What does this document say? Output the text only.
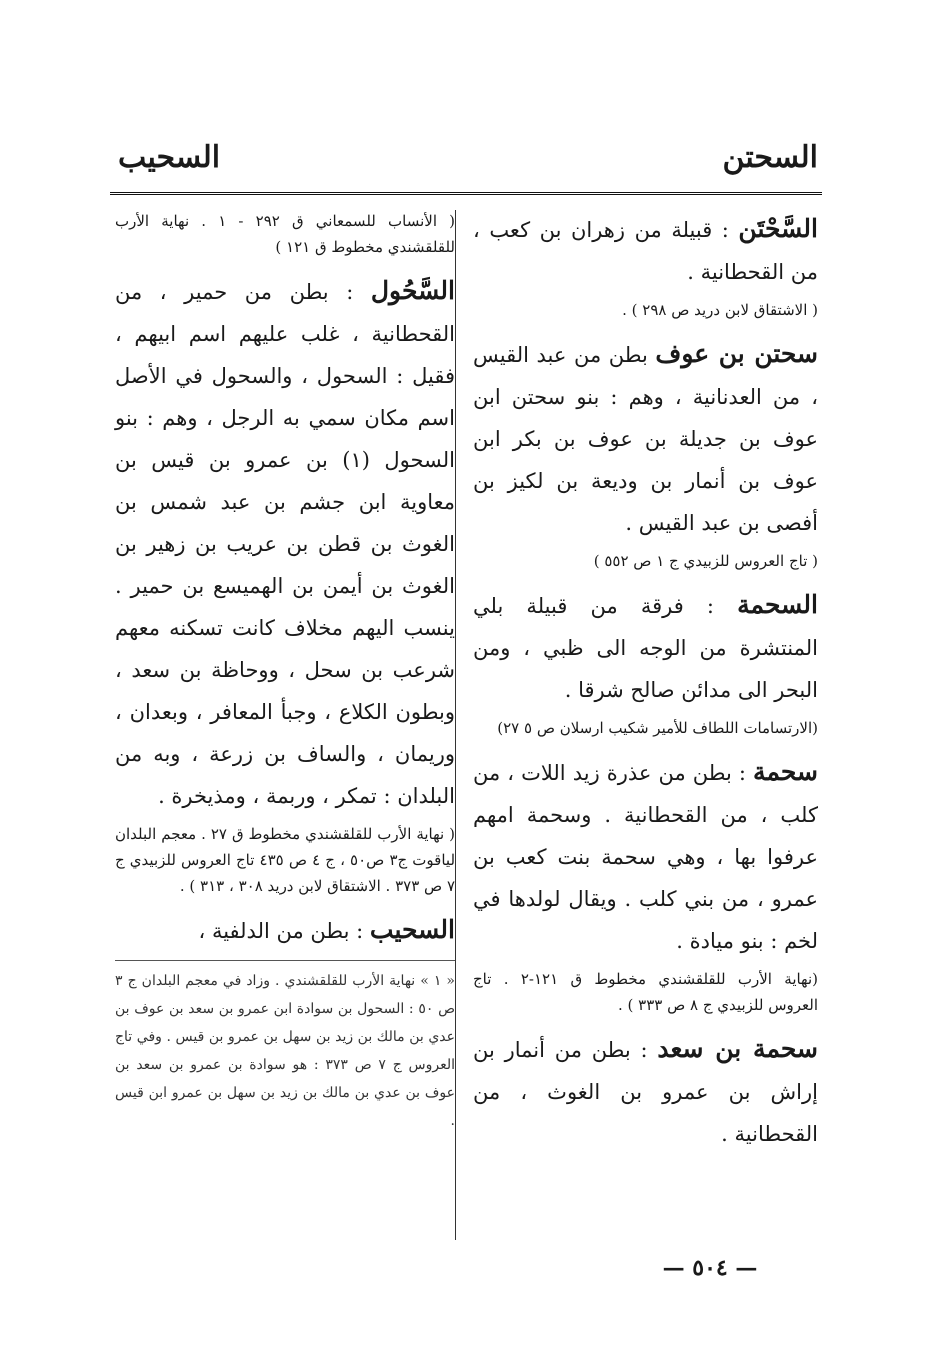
السحتن
السحيب

السَّحْتَن : قبيلة من زهران بن كعب ، من القحطانية .

( الاشتقاق لابن دريد ص ٢٩٨ ) .

سحتن بن عوف بطن من عبد القيس ، من العدنانية ، وهم : بنو سحتن ابن عوف بن جديلة بن عوف بن بكر ابن عوف بن أنمار بن وديعة بن لكيز بن أفصى بن عبد القيس .

( تاج العروس للزبيدي ج ١ ص ٥٥٢ )

السحمة : فرقة من قبيلة بلي المنتشرة من الوجه الى ظبي ، ومن البحر الى مدائن صالح شرقا .

(الارتسامات اللطاف للأمير شكيب ارسلان ص ٥ ٢٧)

سحمة : بطن من عذرة زيد اللات ، من كلب ، من القحطانية . وسحمة امهم عرفوا بها ، وهي سحمة بنت كعب بن عمرو ، من بني كلب . ويقال لولدها في لخم : بنو ميادة .

(نهاية الأرب للقلقشندي مخطوط ق ١٢١-٢ . تاج العروس للزبيدي ج ٨ ص ٣٣٣ ) .

سحمة بن سعد : بطن من أنمار بن إراش بن عمرو بن الغوث ، من القحطانية .

( الأنساب للسمعاني ق ٢٩٢ - ١ . نهاية الأرب للقلقشندي مخطوط ق ١٢١ )

السَّحُول : بطن من حمير ، من القحطانية ، غلب عليهم اسم ابيهم ، فقيل : السحول ، والسحول في الأصل اسم مكان سمي به الرجل ، وهم : بنو السحول (١) بن عمرو بن قيس بن معاوية ابن جشم بن عبد شمس بن الغوث بن قطن بن عريب بن زهير بن الغوث بن أيمن بن الهميسع بن حمير . ينسب اليهم مخلاف كانت تسكنه معهم شرعب بن سحل ، ووحاظة بن سعد ، وبطون الكلاع ، وجبأ المعافر ، وبعدان ، وريمان ، والساف بن زرعة ، وبه من البلدان : تمكر ، وربمة ، ومذيخرة .

( نهاية الأرب للقلقشندي مخطوط ق ٢٧ . معجم البلدان لياقوت ج٣ ص٥٠ ، ج ٤ ص ٤٣٥ تاج العروس للزبيدي ج ٧ ص ٣٧٣ . الاشتقاق لابن دريد ٣٠٨ ، ٣١٣ ) .

السحيب : بطن من الدلفية ،

« ١ » نهاية الأرب للقلقشندي . وزاد في معجم البلدان ج ٣ ص ٥٠ : السحول بن سوادة ابن عمرو بن سعد بن عوف بن عدي بن مالك بن زيد بن سهل بن عمرو بن قيس . وفي تاج العروس ج ٧ ص ٣٧٣ : هو سوادة بن عمرو بن سعد بن عوف بن عدي بن مالك بن زيد بن سهل بن عمرو ابن قيس .

— ٥٠٤ —
